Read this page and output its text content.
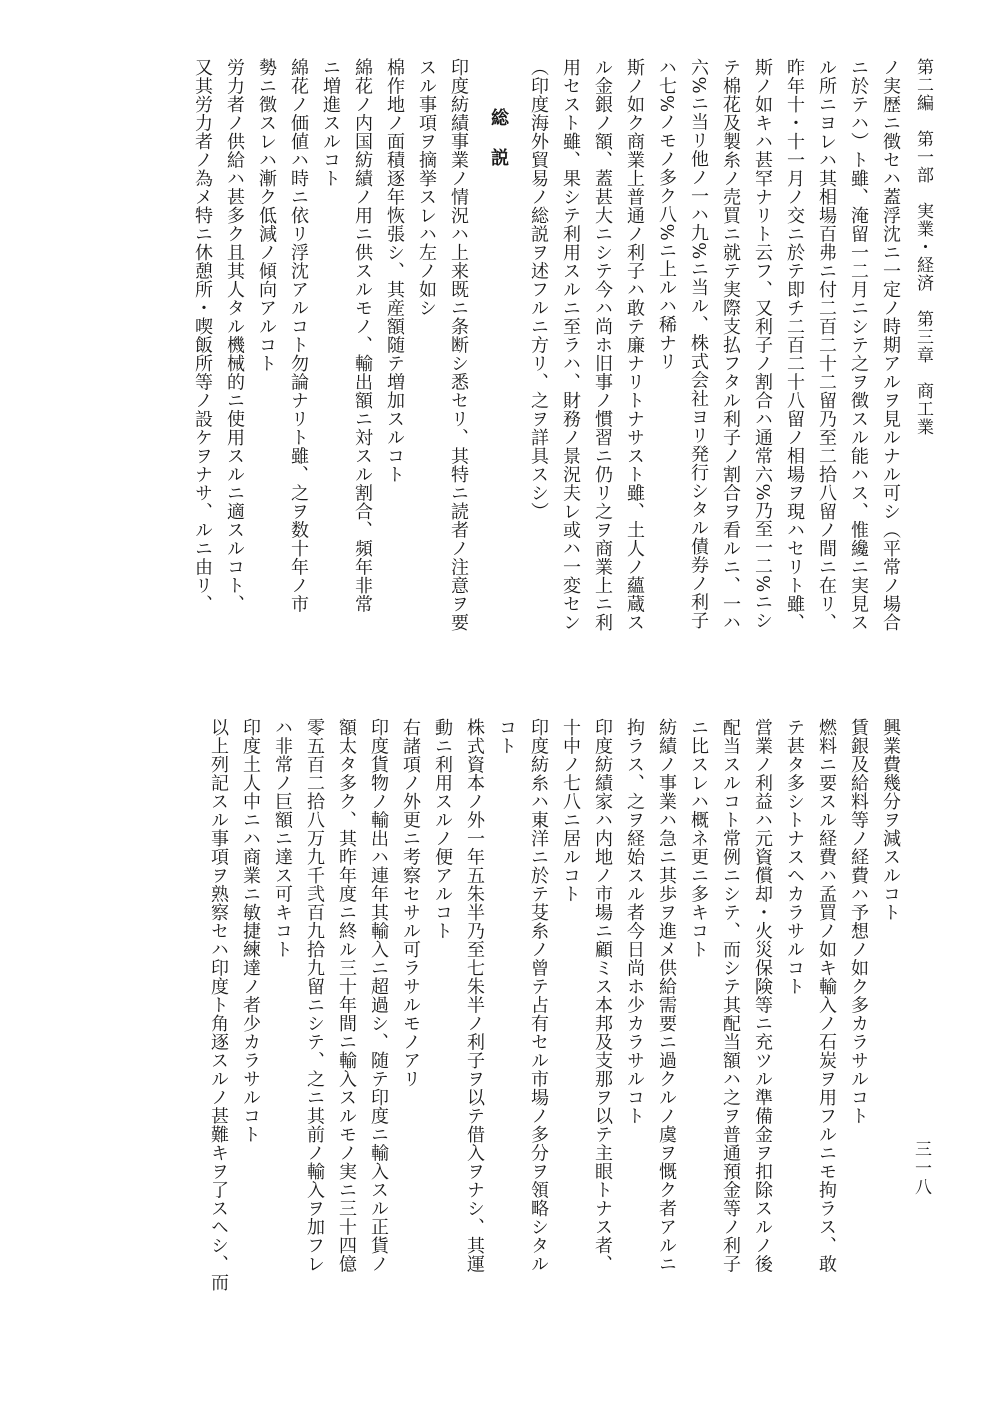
第二編　第一部　実業・経済　第三章　商工業
三一八

ノ実歴ニ徴セハ蓋浮沈ニ一定ノ時期アルヲ見ルナル可シ（平常ノ場合

ニ於テハ）ト雖、淹留一二月ニシテ之ヲ徴スル能ハス、惟纔ニ実見ス

ル所ニヨレハ其相場百弗ニ付二百二十二留乃至二拾八留ノ間ニ在リ、

昨年十・十一月ノ交ニ於テ即チ二百二十八留ノ相場ヲ現ハセリト雖、

斯ノ如キハ甚罕ナリト云フ、又利子ノ割合ハ通常六%乃至一二%ニシ

テ棉花及製糸ノ売買ニ就テ実際支払フタル利子ノ割合ヲ看ルニ、一ハ

六%ニ当リ他ノ一ハ九%ニ当ル、株式会社ヨリ発行シタル債券ノ利子

ハ七%ノモノ多ク八%ニ上ルハ稀ナリ

斯ノ如ク商業上普通ノ利子ハ敢テ廉ナリトナサスト雖、土人ノ蘊蔵ス

ル金銀ノ額、蓋甚大ニシテ今ハ尚ホ旧事ノ慣習ニ仍リ之ヲ商業上ニ利

用セスト雖、果シテ利用スルニ至ラハ、財務ノ景況夫レ或ハ一変セン

（印度海外貿易ノ総説ヲ述フルニ方リ、之ヲ詳具スシ）

総　説

印度紡績事業ノ情況ハ上来既ニ条断シ悉セリ、其特ニ読者ノ注意ヲ要

スル事項ヲ摘挙スレハ左ノ如シ

棉作地ノ面積逐年恢張シ、其産額随テ増加スルコト

綿花ノ内国紡績ノ用ニ供スルモノ、輸出額ニ対スル割合、頻年非常

ニ増進スルコト

綿花ノ価値ハ時ニ依リ浮沈アルコト勿論ナリト雖、之ヲ数十年ノ市

勢ニ徴スレハ漸ク低減ノ傾向アルコト

労力者ノ供給ハ甚多ク且其人タル機械的ニ使用スルニ適スルコト、

又其労力者ノ為メ特ニ休憩所・喫飯所等ノ設ケヲナサ、ルニ由リ、

興業費幾分ヲ減スルコト

賃銀及給料等ノ経費ハ予想ノ如ク多カラサルコト

燃料ニ要スル経費ハ孟買ノ如キ輸入ノ石炭ヲ用フルニモ拘ラス、敢

テ甚タ多シトナスヘカラサルコト

営業ノ利益ハ元資償却・火災保険等ニ充ツル準備金ヲ扣除スルノ後

配当スルコト常例ニシテ、而シテ其配当額ハ之ヲ普通預金等ノ利子

ニ比スレハ概ネ更ニ多キコト

紡績ノ事業ハ急ニ其歩ヲ進メ供給需要ニ過クルノ虞ヲ慨ク者アルニ

拘ラス、之ヲ経始スル者今日尚ホ少カラサルコト

印度紡績家ハ内地ノ市場ニ顧ミス本邦及支那ヲ以テ主眼トナス者、

十中ノ七八ニ居ルコト

印度紡糸ハ東洋ニ於テ芟糸ノ曾テ占有セル市場ノ多分ヲ領略シタル

コト

株式資本ノ外一年五朱半乃至七朱半ノ利子ヲ以テ借入ヲナシ、其運

動ニ利用スルノ便アルコト

右諸項ノ外更ニ考察セサル可ラサルモノアリ

印度貨物ノ輸出ハ連年其輸入ニ超過シ、随テ印度ニ輸入スル正貨ノ

額太タ多ク、其昨年度ニ終ル三十年間ニ輸入スルモノ実ニ三十四億

零五百二拾八万九千弐百九拾九留ニシテ、之ニ其前ノ輸入ヲ加フレ

ハ非常ノ巨額ニ達ス可キコト

印度土人中ニハ商業ニ敏捷練達ノ者少カラサルコト

以上列記スル事項ヲ熟察セハ印度ト角逐スルノ甚難キヲ了スヘシ、而
